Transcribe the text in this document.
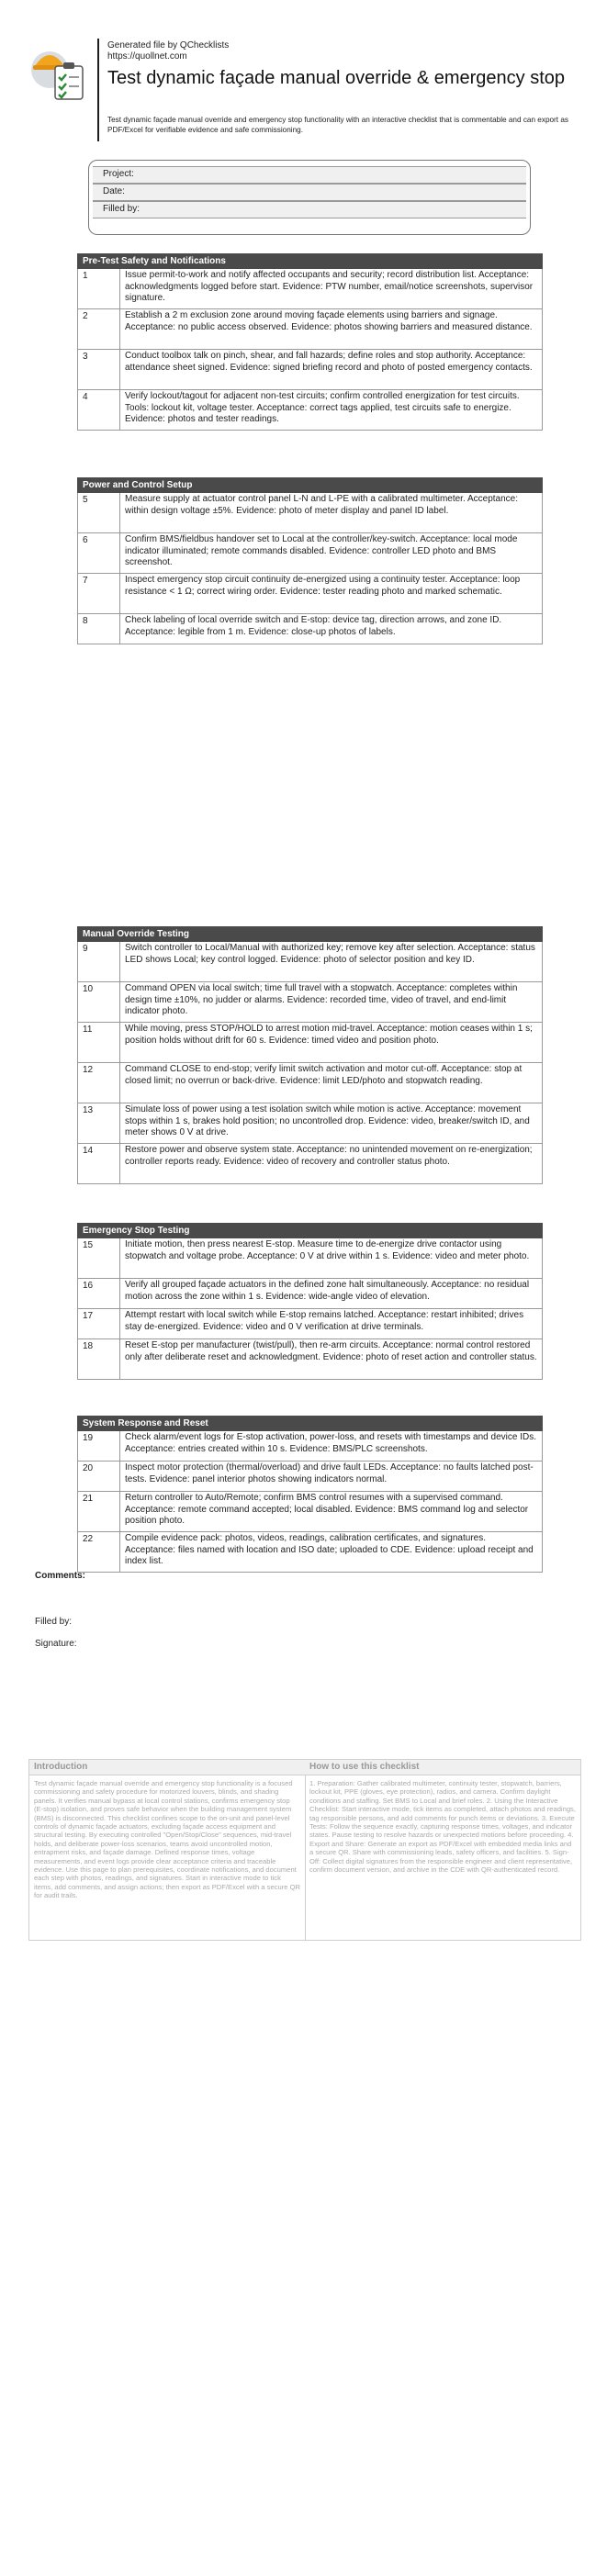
Generated file by QChecklists
https://quollnet.com
Test dynamic façade manual override & emergency stop
Test dynamic façade manual override and emergency stop functionality with an interactive checklist that is commentable and can export as PDF/Excel for verifiable evidence and safe commissioning.
Project:
Date:
Filled by:
Pre-Test Safety and Notifications
1	Issue permit-to-work and notify affected occupants and security; record distribution list. Acceptance: acknowledgments logged before start. Evidence: PTW number, email/notice screenshots, supervisor signature.
2	Establish a 2 m exclusion zone around moving façade elements using barriers and signage. Acceptance: no public access observed. Evidence: photos showing barriers and measured distance.
3	Conduct toolbox talk on pinch, shear, and fall hazards; define roles and stop authority. Acceptance: attendance sheet signed. Evidence: signed briefing record and photo of posted emergency contacts.
4	Verify lockout/tagout for adjacent non-test circuits; confirm controlled energization for test circuits. Tools: lockout kit, voltage tester. Acceptance: correct tags applied, test circuits safe to energize. Evidence: photos and tester readings.
Power and Control Setup
5	Measure supply at actuator control panel L-N and L-PE with a calibrated multimeter. Acceptance: within design voltage ±5%. Evidence: photo of meter display and panel ID label.
6	Confirm BMS/fieldbus handover set to Local at the controller/key-switch. Acceptance: local mode indicator illuminated; remote commands disabled. Evidence: controller LED photo and BMS screenshot.
7	Inspect emergency stop circuit continuity de-energized using a continuity tester. Acceptance: loop resistance < 1 Ω; correct wiring order. Evidence: tester reading photo and marked schematic.
8	Check labeling of local override switch and E-stop: device tag, direction arrows, and zone ID. Acceptance: legible from 1 m. Evidence: close-up photos of labels.
Manual Override Testing
9	Switch controller to Local/Manual with authorized key; remove key after selection. Acceptance: status LED shows Local; key control logged. Evidence: photo of selector position and key ID.
10	Command OPEN via local switch; time full travel with a stopwatch. Acceptance: completes within design time ±10%, no judder or alarms. Evidence: recorded time, video of travel, and end-limit indicator photo.
11	While moving, press STOP/HOLD to arrest motion mid-travel. Acceptance: motion ceases within 1 s; position holds without drift for 60 s. Evidence: timed video and position photo.
12	Command CLOSE to end-stop; verify limit switch activation and motor cut-off. Acceptance: stop at closed limit; no overrun or back-drive. Evidence: limit LED/photo and stopwatch reading.
13	Simulate loss of power using a test isolation switch while motion is active. Acceptance: movement stops within 1 s, brakes hold position; no uncontrolled drop. Evidence: video, breaker/switch ID, and meter shows 0 V at drive.
14	Restore power and observe system state. Acceptance: no unintended movement on re-energization; controller reports ready. Evidence: video of recovery and controller status photo.
Emergency Stop Testing
15	Initiate motion, then press nearest E-stop. Measure time to de-energize drive contactor using stopwatch and voltage probe. Acceptance: 0 V at drive within 1 s. Evidence: video and meter photo.
16	Verify all grouped façade actuators in the defined zone halt simultaneously. Acceptance: no residual motion across the zone within 1 s. Evidence: wide-angle video of elevation.
17	Attempt restart with local switch while E-stop remains latched. Acceptance: restart inhibited; drives stay de-energized. Evidence: video and 0 V verification at drive terminals.
18	Reset E-stop per manufacturer (twist/pull), then re-arm circuits. Acceptance: normal control restored only after deliberate reset and acknowledgment. Evidence: photo of reset action and controller status.
System Response and Reset
19	Check alarm/event logs for E-stop activation, power-loss, and resets with timestamps and device IDs. Acceptance: entries created within 10 s. Evidence: BMS/PLC screenshots.
20	Inspect motor protection (thermal/overload) and drive fault LEDs. Acceptance: no faults latched post-tests. Evidence: panel interior photos showing indicators normal.
21	Return controller to Auto/Remote; confirm BMS control resumes with a supervised command. Acceptance: remote command accepted; local disabled. Evidence: BMS command log and selector position photo.
22	Compile evidence pack: photos, videos, readings, calibration certificates, and signatures. Acceptance: files named with location and ISO date; uploaded to CDE. Evidence: upload receipt and index list.
Comments:
Filled by:
Signature:
Introduction
Test dynamic façade manual override and emergency stop functionality is a focused commissioning and safety procedure for motorized louvers, blinds, and shading panels. It verifies manual bypass at local control stations, confirms emergency stop (E-stop) isolation, and proves safe behavior when the building management system (BMS) is disconnected. This checklist confines scope to the on-unit and panel-level controls of dynamic façade actuators, excluding façade access equipment and structural testing. By executing controlled "Open/Stop/Close" sequences, mid-travel holds, and deliberate power-loss scenarios, teams avoid uncontrolled motion, entrapment risks, and façade damage. Defined response times, voltage measurements, and event logs provide clear acceptance criteria and traceable evidence. Use this page to plan prerequisites, coordinate notifications, and document each step with photos, readings, and signatures. Start in interactive mode to tick items, add comments, and assign actions; then export as PDF/Excel with a secure QR for audit trails.
How to use this checklist
1. Preparation: Gather calibrated multimeter, continuity tester, stopwatch, barriers, lockout kit, PPE (gloves, eye protection), radios, and camera. Confirm daylight conditions and staffing. Set BMS to Local and brief roles. 2. Using the Interactive Checklist: Start interactive mode, tick items as completed, attach photos and readings, tag responsible persons, and add comments for punch items or deviations. 3. Execute Tests: Follow the sequence exactly, capturing response times, voltages, and indicator states. Pause testing to resolve hazards or unexpected motions before proceeding. 4. Export and Share: Generate an export as PDF/Excel with embedded media links and a secure QR. Share with commissioning leads, safety officers, and facilities. 5. Sign-Off: Collect digital signatures from the responsible engineer and client representative, confirm document version, and archive in the CDE with QR-authenticated record.
